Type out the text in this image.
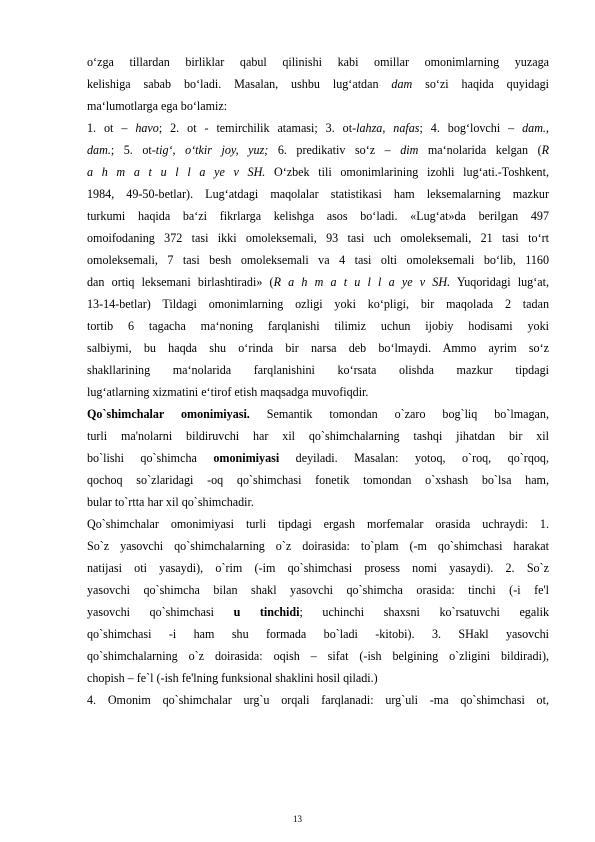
o‘zga tillardan birliklar qabul qilinishi kabi omillar omonimlarning yuzaga
kelishiga sabab bo‘ladi. Masalan, ushbu lug‘atdan dam so‘zi haqida quyidagi
ma‘lumotlarga ega bo‘lamiz:
1. ot – havo; 2. ot - temirchilik atamasi; 3. ot-lahza, nafas; 4. bog‘lovchi – dam.,
dam.; 5. ot-tig‘, o‘tkir joy, yuz; 6. predikativ so‘z – dim ma‘nolarida kelgan (R
a h m a t u l l a ye v SH. O‘zbek tili omonimlarining izohli lug‘ati.-Toshkent,
1984, 49-50-betlar). Lug‘atdagi maqolalar statistikasi ham leksemalarning mazkur
turkumi haqida ba‘zi fikrlarga kelishga asos bo‘ladi. «Lug‘at»da berilgan 497
omoifodaning 372 tasi ikki omoleksemali, 93 tasi uch omoleksemali, 21 tasi to‘rt
omoleksemali, 7 tasi besh omoleksemali va 4 tasi olti omoleksemali bo‘lib, 1160
dan ortiq leksemani birlashtiradi» (R a h m a t u l l a ye v SH. Yuqoridagi lug‘at,
13-14-betlar) Tildagi omonimlarning ozligi yoki ko‘pligi, bir maqolada 2 tadan
tortib 6 tagacha ma‘noning farqlanishi tilimiz uchun ijobiy hodisami yoki
salbiymi, bu haqda shu o‘rinda bir narsa deb bo‘lmaydi. Ammo ayrim so‘z
shakllarining ma‘nolarida farqlanishini ko‘rsata olishda mazkur tipdagi
lug‘atlarning xizmatini e‘tirof etish maqsadga muvofiqdir.
Qo`shimchalar omonimiyasi. Semantik tomondan o`zaro bog`liq bo`lmagan,
turli ma'nolarni bildiruvchi har xil qo`shimchalarning tashqi jihatdan bir xil
bo`lishi qo`shimcha omonimiyasi deyiladi. Masalan: yotoq, o`roq, qo`rqoq,
qochoq so`zlaridagi -oq qo`shimchasi fonetik tomondan o`xshash bo`lsa ham,
bular to`rtta har xil qo`shimchadir.
Qo`shimchalar omonimiyasi turli tipdagi ergash morfemalar orasida uchraydi: 1.
So`z yasovchi qo`shimchalarning o`z doirasida: to`plam (-m qo`shimchasi harakat
natijasi oti yasaydi), o`rim (-im qo`shimchasi prosess nomi yasaydi). 2. So`z
yasovchi qo`shimcha bilan shakl yasovchi qo`shimcha orasida: tinchi (-i fe'l
yasovchi qo`shimchasi u tinchidi; uchinchi shaxsni ko`rsatuvchi egalik
qo`shimchasi -i ham shu formada bo`ladi -kitobi). 3. SHakl yasovchi
qo`shimchalarning o`z doirasida: oqish – sifat (-ish belgining o`zligini bildiradi),
chopish – fe`l (-ish fe'lning funksional shaklini hosil qiladi.)
4. Omonim qo`shimchalar urg`u orqali farqlanadi: urg`uli -ma qo`shimchasi ot,
13
